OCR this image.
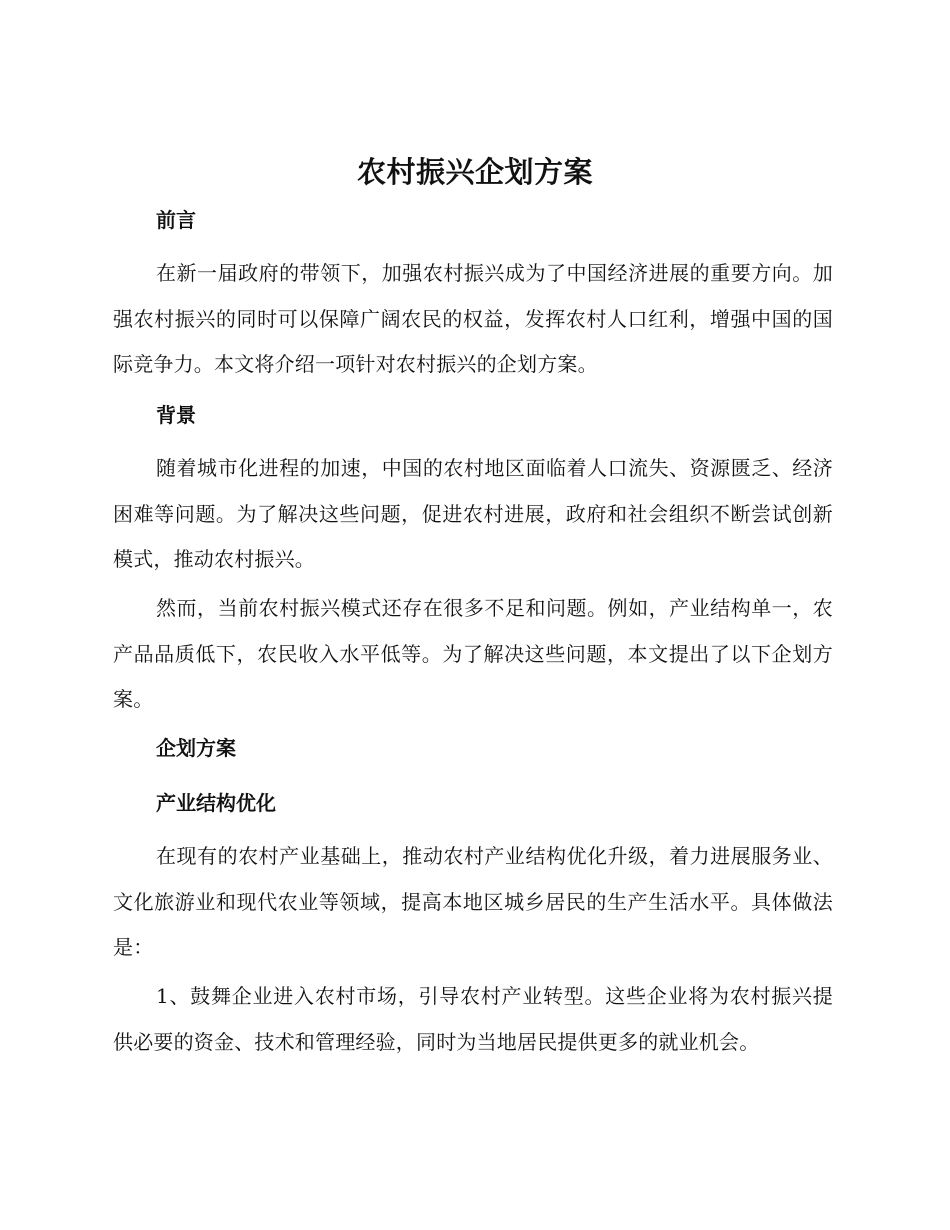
农村振兴企划方案
前言
在新一届政府的带领下，加强农村振兴成为了中国经济进展的重要方向。加强农村振兴的同时可以保障广阔农民的权益，发挥农村人口红利，增强中国的国际竞争力。本文将介绍一项针对农村振兴的企划方案。
背景
随着城市化进程的加速，中国的农村地区面临着人口流失、资源匮乏、经济困难等问题。为了解决这些问题，促进农村进展，政府和社会组织不断尝试创新模式，推动农村振兴。
然而，当前农村振兴模式还存在很多不足和问题。例如，产业结构单一，农产品品质低下，农民收入水平低等。为了解决这些问题，本文提出了以下企划方案。
企划方案
产业结构优化
在现有的农村产业基础上，推动农村产业结构优化升级，着力进展服务业、文化旅游业和现代农业等领域，提高本地区城乡居民的生产生活水平。具体做法是：
1、鼓舞企业进入农村市场，引导农村产业转型。这些企业将为农村振兴提供必要的资金、技术和管理经验，同时为当地居民提供更多的就业机会。
